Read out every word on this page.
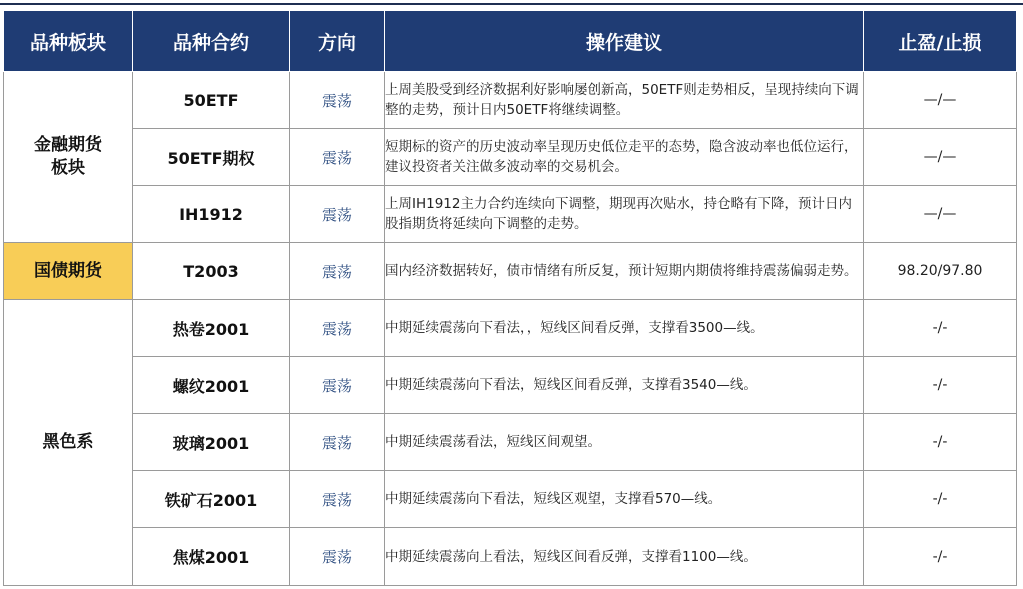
品种板块	品种合约	方向	操作建议	止盈/止损
金融期货
板块	50ETF	震荡	上周美股受到经济数据利好影响屡创新高，50ETF则走势相反，呈现持续向下调整的走势，预计日内50ETF将继续调整。	—/—
	50ETF期权	震荡	短期标的资产的历史波动率呈现历史低位走平的态势，隐含波动率也低位运行，建议投资者关注做多波动率的交易机会。	—/—
	IH1912	震荡	上周IH1912主力合约连续向下调整，期现再次贴水，持仓略有下降，预计日内股指期货将延续向下调整的走势。	—/—
国债期货	T2003	震荡	国内经济数据转好，债市情绪有所反复，预计短期内期债将维持震荡偏弱走势。	98.20/97.80
黑色系	热卷2001	震荡	中期延续震荡向下看法，，短线区间看反弹，支撑看3500—线。	-/-
	螺纹2001	震荡	中期延续震荡向下看法，短线区间看反弹，支撑看3540—线。	-/-
	玻璃2001	震荡	中期延续震荡看法，短线区间观望。	-/-
	铁矿石2001	震荡	中期延续震荡向下看法，短线区观望，支撑看570—线。	-/-
	焦煤2001	震荡	中期延续震荡向上看法，短线区间看反弹，支撑看1100—线。	-/-
